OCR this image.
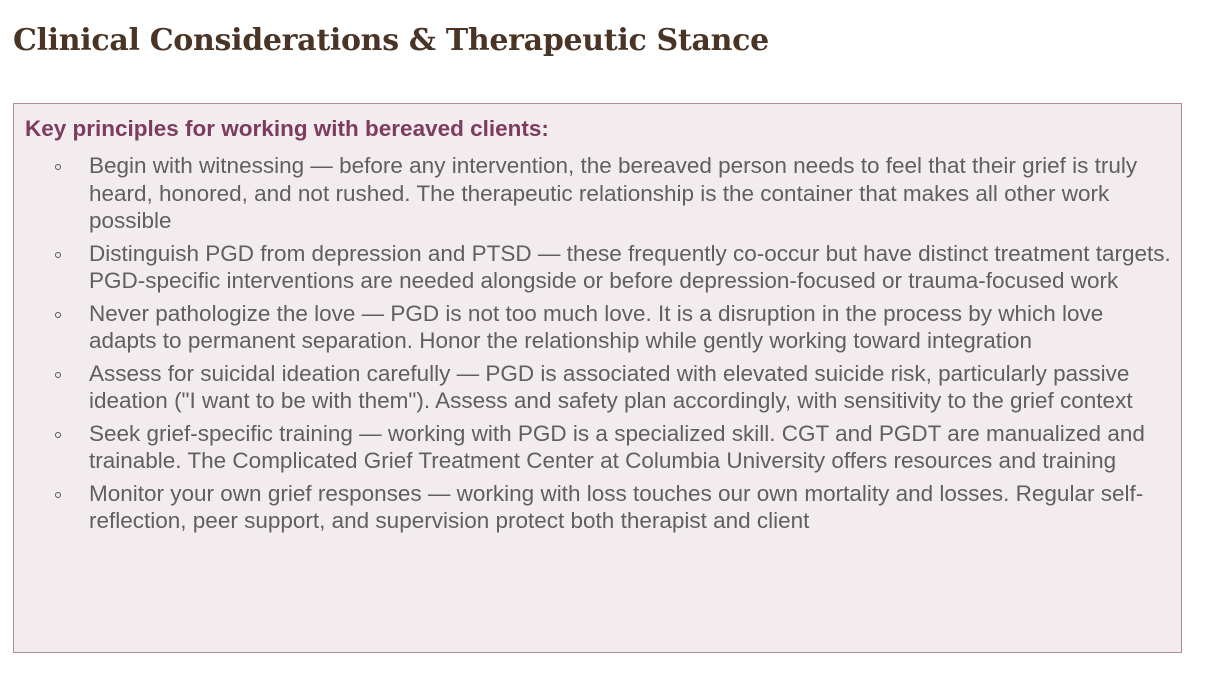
Clinical Considerations & Therapeutic Stance

Key principles for working with bereaved clients:

Begin with witnessing — before any intervention, the bereaved person needs to feel that their grief is truly heard, honored, and not rushed. The therapeutic relationship is the container that makes all other work possible
Distinguish PGD from depression and PTSD — these frequently co-occur but have distinct treatment targets. PGD-specific interventions are needed alongside or before depression-focused or trauma-focused work
Never pathologize the love — PGD is not too much love. It is a disruption in the process by which love adapts to permanent separation. Honor the relationship while gently working toward integration
Assess for suicidal ideation carefully — PGD is associated with elevated suicide risk, particularly passive ideation ("I want to be with them"). Assess and safety plan accordingly, with sensitivity to the grief context
Seek grief-specific training — working with PGD is a specialized skill. CGT and PGDT are manualized and trainable. The Complicated Grief Treatment Center at Columbia University offers resources and training
Monitor your own grief responses — working with loss touches our own mortality and losses. Regular self-reflection, peer support, and supervision protect both therapist and client
